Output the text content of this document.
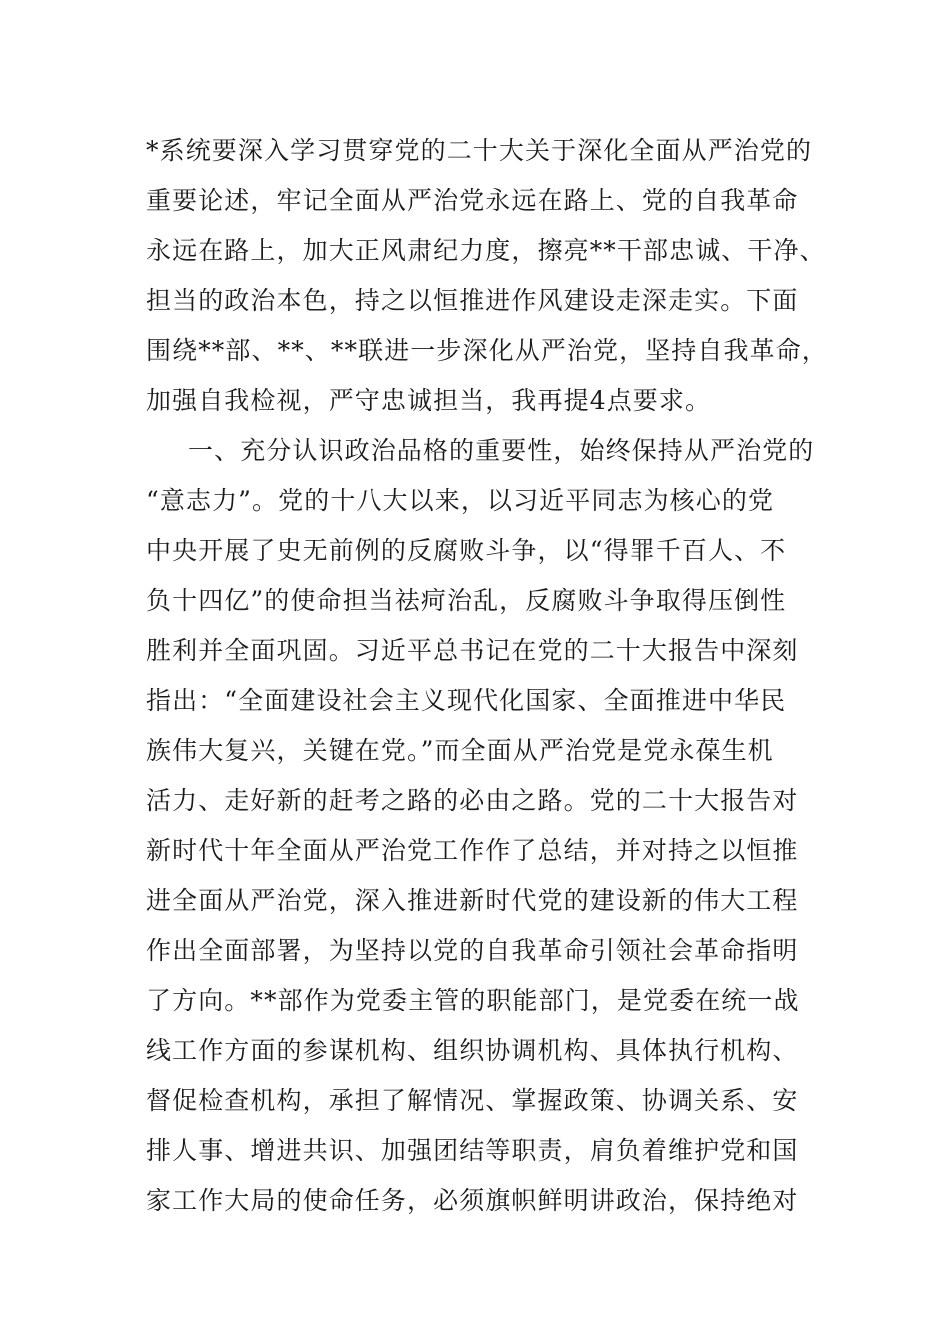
*系统要深入学习贯穿党的二十大关于深化全面从严治党的
重要论述，牢记全面从严治党永远在路上、党的自我革命
永远在路上，加大正风肃纪力度，擦亮**干部忠诚、干净、
担当的政治本色，持之以恒推进作风建设走深走实。下面
围绕**部、**、**联进一步深化从严治党，坚持自我革命，
加强自我检视，严守忠诚担当，我再提4点要求。
一、充分认识政治品格的重要性，始终保持从严治党的
“意志力”。党的十八大以来，以习近平同志为核心的党
中央开展了史无前例的反腐败斗争，以“得罪千百人、不
负十四亿”的使命担当祛疴治乱，反腐败斗争取得压倒性
胜利并全面巩固。习近平总书记在党的二十大报告中深刻
指出：“全面建设社会主义现代化国家、全面推进中华民
族伟大复兴，关键在党。”而全面从严治党是党永葆生机
活力、走好新的赶考之路的必由之路。党的二十大报告对
新时代十年全面从严治党工作作了总结，并对持之以恒推
进全面从严治党，深入推进新时代党的建设新的伟大工程
作出全面部署，为坚持以党的自我革命引领社会革命指明
了方向。**部作为党委主管的职能部门，是党委在统一战
线工作方面的参谋机构、组织协调机构、具体执行机构、
督促检查机构，承担了解情况、掌握政策、协调关系、安
排人事、增进共识、加强团结等职责，肩负着维护党和国
家工作大局的使命任务，必须旗帜鲜明讲政治，保持绝对
